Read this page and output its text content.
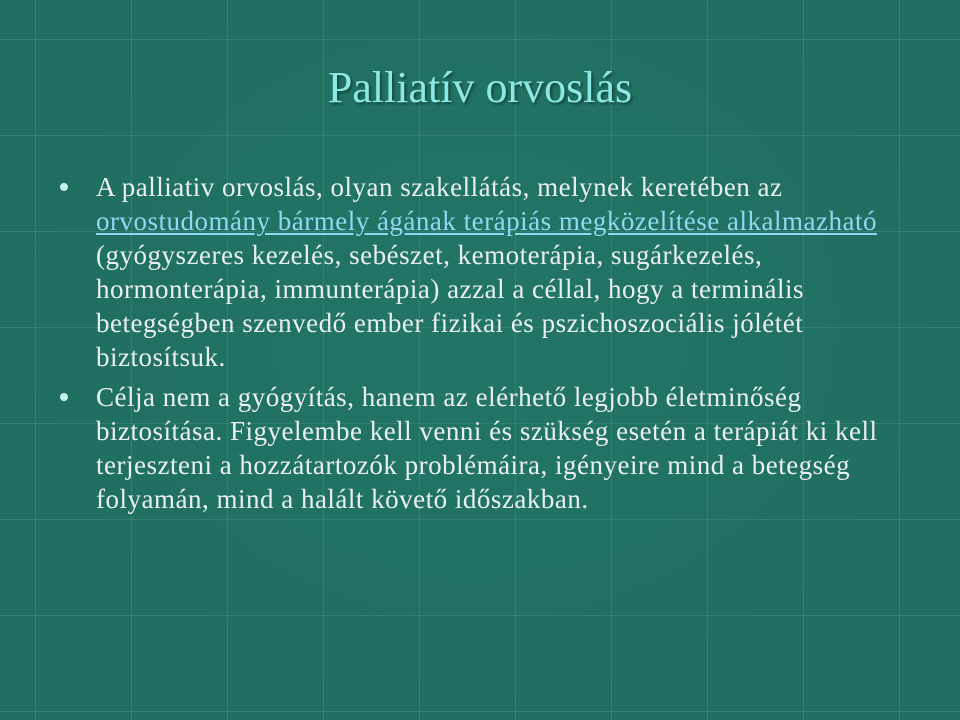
Palliatív orvoslás
A palliativ orvoslás, olyan szakellátás, melynek keretében az orvostudomány bármely ágának terápiás megközelítése alkalmazható (gyógyszeres kezelés, sebészet, kemoterápia, sugárkezelés, hormonterápia, immunterápia) azzal a céllal, hogy a terminális betegségben szenvedő ember fizikai és pszichoszociális jólétét biztosítsuk.
Célja nem a gyógyítás, hanem az elérhető legjobb életminőség biztosítása. Figyelembe kell venni és szükség esetén a terápiát ki kell terjeszteni a hozzátartozók problémáira, igényeire mind a betegség folyamán, mind a halált követő időszakban.
